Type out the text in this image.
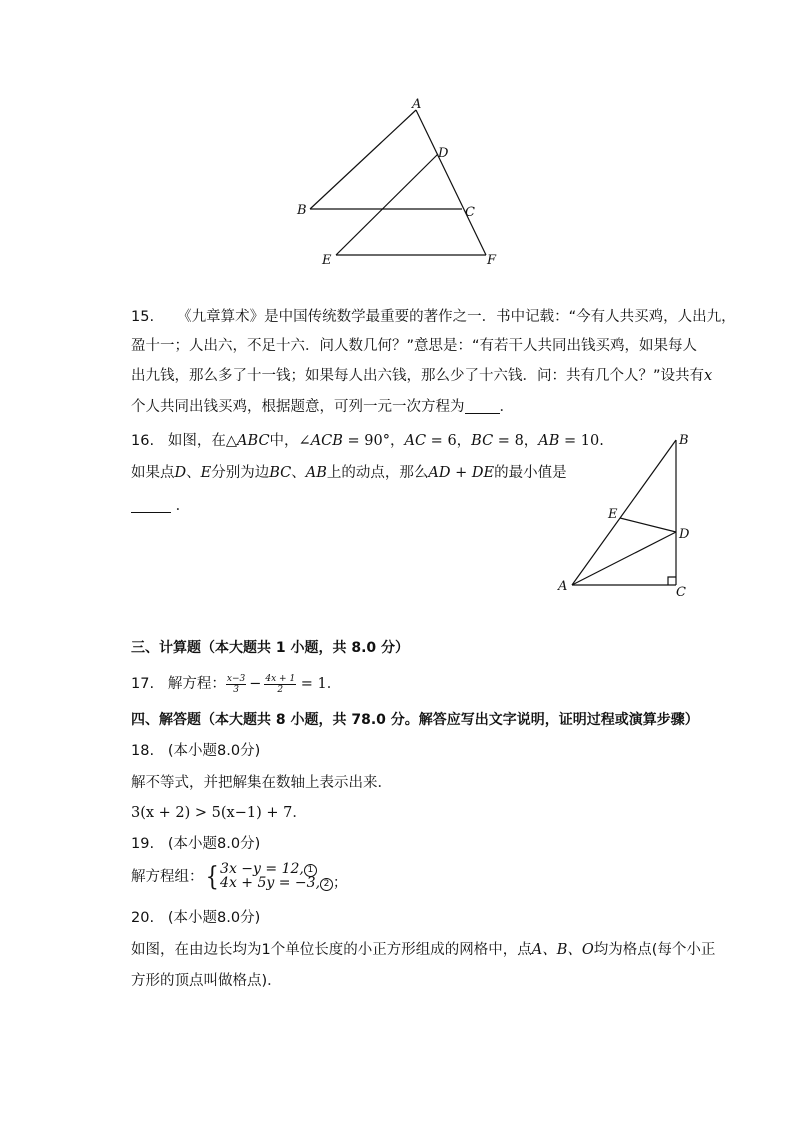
A
D
B	C
E	F
15. 《九章算术》是中国传统数学最重要的著作之一．书中记载：“今有人共买鸡，人出九，
盈十一；人出六，不足十六．问人数几何？”意思是：“有若干人共同出钱买鸡，如果每人
出九钱，那么多了十一钱；如果每人出六钱，那么少了十六钱．问：共有几个人？”设共有x
个人共同出钱买鸡，根据题意，可列一元一次方程为 ．
16. 如图，在△ABC中，∠ACB = 90°，AC = 6，BC = 8，AB = 10.
如果点D、E分别为边BC、AB上的动点，那么AD + DE的最小值是
．
B
E
D
A	C
三、计算题（本大题共 1 小题，共 8.0 分）
17. 解方程： $\frac{x-3}{3} - \frac{4x + 1}{2} = 1$．
四、解答题（本大题共 8 小题，共 78.0 分。解答应写出文字说明，证明过程或演算步骤）
18. (本小题8.0分)
解不等式，并把解集在数轴上表示出来．
3(x + 2) > 5(x−1) + 7．
19. (本小题8.0分)
解方程组：{ 3x −y = 12, 1
4x + 5y = −3, 2 ；
20. (本小题8.0分)
如图，在由边长均为1个单位长度的小正方形组成的网格中，点A、B、O均为格点(每个小正
方形的顶点叫做格点)．
